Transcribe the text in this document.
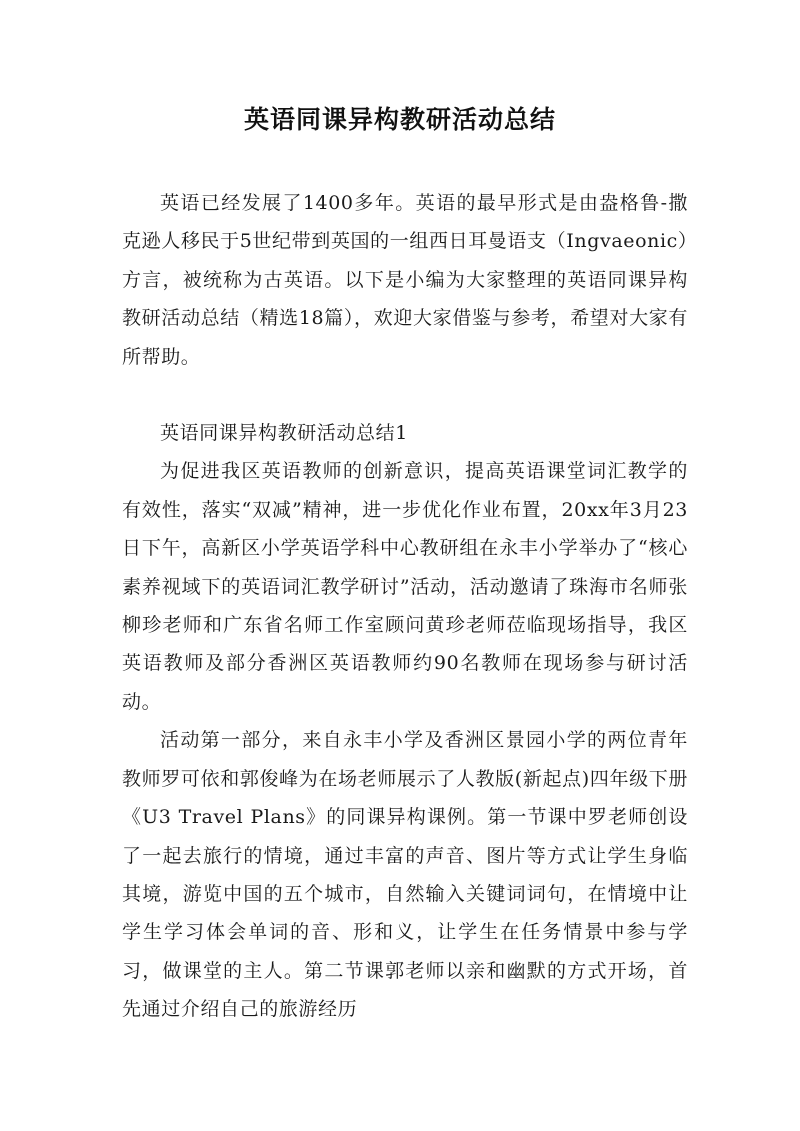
英语同课异构教研活动总结

英语已经发展了1400多年。英语的最早形式是由盎格鲁-撒克逊人移民于5世纪带到英国的一组西日耳曼语支（Ingvaeonic）方言，被统称为古英语。以下是小编为大家整理的英语同课异构教研活动总结（精选18篇），欢迎大家借鉴与参考，希望对大家有所帮助。

英语同课异构教研活动总结1

为促进我区英语教师的创新意识，提高英语课堂词汇教学的有效性，落实“双减”精神，进一步优化作业布置，20xx年3月23日下午，高新区小学英语学科中心教研组在永丰小学举办了“核心素养视域下的英语词汇教学研讨”活动，活动邀请了珠海市名师张柳珍老师和广东省名师工作室顾问黄珍老师莅临现场指导，我区英语教师及部分香洲区英语教师约90名教师在现场参与研讨活动。

活动第一部分，来自永丰小学及香洲区景园小学的两位青年教师罗可依和郭俊峰为在场老师展示了人教版(新起点)四年级下册《U3 Travel Plans》的同课异构课例。第一节课中罗老师创设了一起去旅行的情境，通过丰富的声音、图片等方式让学生身临其境，游览中国的五个城市，自然输入关键词词句，在情境中让学生学习体会单词的音、形和义，让学生在任务情景中参与学习，做课堂的主人。第二节课郭老师以亲和幽默的方式开场，首先通过介绍自己的旅游经历
